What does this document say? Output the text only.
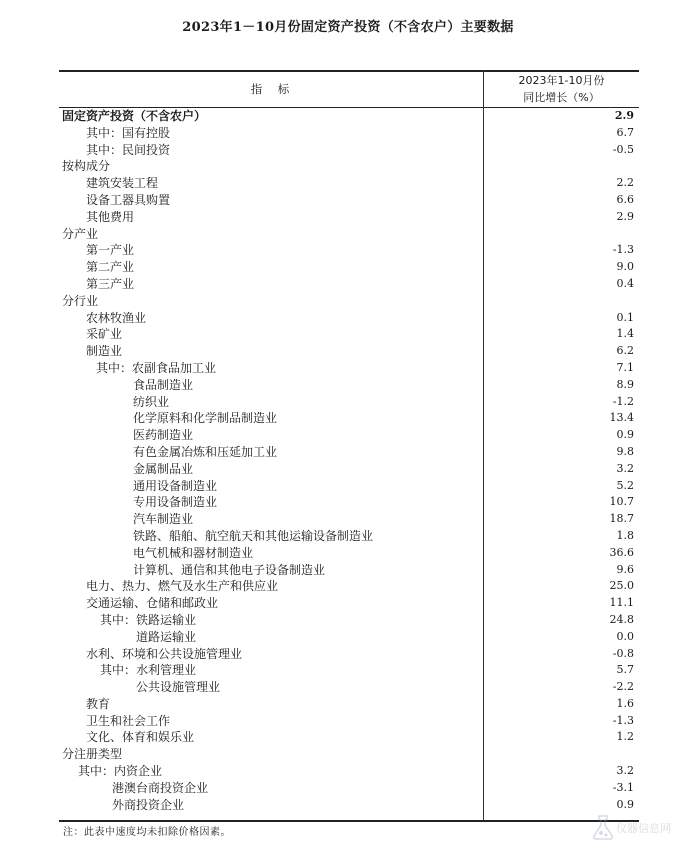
2023年1－10月份固定资产投资（不含农户）主要数据
指　标
2023年1-10月份
同比增长（%）
固定资产投资（不含农户）	2.9
其中：国有控股	6.7
其中：民间投资	-0.5
按构成分
建筑安装工程	2.2
设备工器具购置	6.6
其他费用	2.9
分产业
第一产业	-1.3
第二产业	9.0
第三产业	0.4
分行业
农林牧渔业	0.1
采矿业	1.4
制造业	6.2
其中：农副食品加工业	7.1
食品制造业	8.9
纺织业	-1.2
化学原料和化学制品制造业	13.4
医药制造业	0.9
有色金属冶炼和压延加工业	9.8
金属制品业	3.2
通用设备制造业	5.2
专用设备制造业	10.7
汽车制造业	18.7
铁路、船舶、航空航天和其他运输设备制造业	1.8
电气机械和器材制造业	36.6
计算机、通信和其他电子设备制造业	9.6
电力、热力、燃气及水生产和供应业	25.0
交通运输、仓储和邮政业	11.1
其中：铁路运输业	24.8
道路运输业	0.0
水利、环境和公共设施管理业	-0.8
其中：水利管理业	5.7
公共设施管理业	-2.2
教育	1.6
卫生和社会工作	-1.3
文化、体育和娱乐业	1.2
分注册类型
其中：内资企业	3.2
港澳台商投资企业	-3.1
外商投资企业	0.9
注：此表中速度均未扣除价格因素。	仪器信息网
